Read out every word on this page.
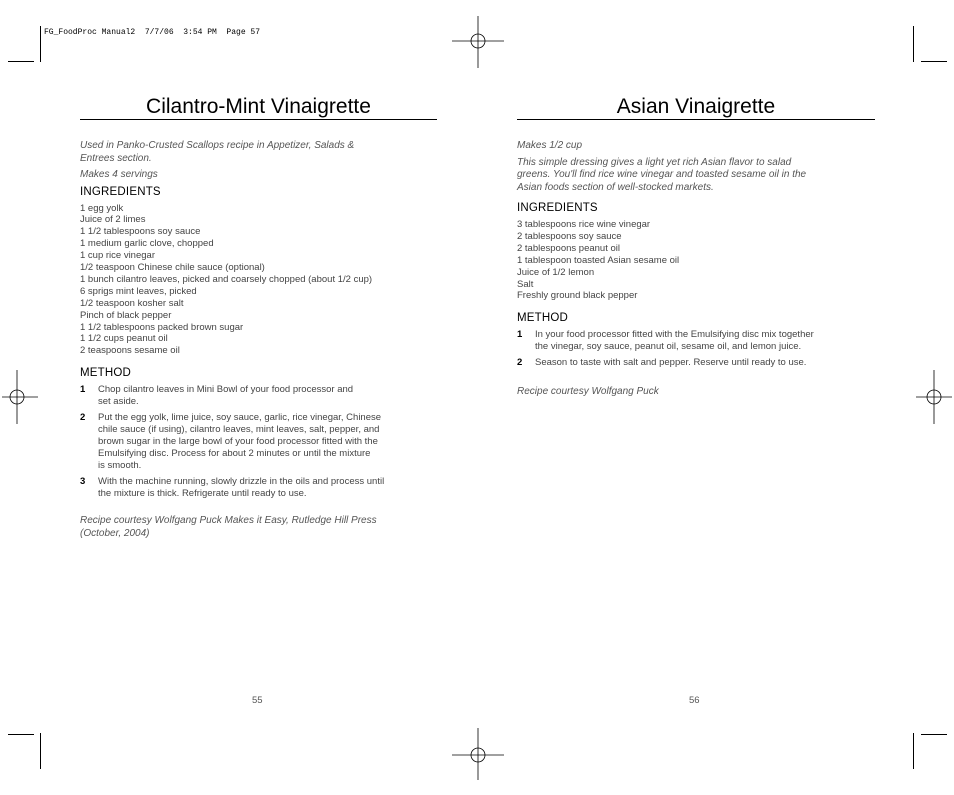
FG_FoodProc Manual2  7/7/06  3:54 PM  Page 57
Cilantro-Mint Vinaigrette

Used in Panko-Crusted Scallops recipe in Appetizer, Salads &
Entrees section.

Makes 4 servings

INGREDIENTS

1 egg yolk
Juice of 2 limes
1 1/2 tablespoons soy sauce
1 medium garlic clove, chopped
1 cup rice vinegar
1/2 teaspoon Chinese chile sauce (optional)
1 bunch cilantro leaves, picked and coarsely chopped (about 1/2 cup)
6 sprigs mint leaves, picked
1/2 teaspoon kosher salt
Pinch of black pepper
1 1/2 tablespoons packed brown sugar
1 1/2 cups peanut oil
2 teaspoons sesame oil

METHOD

1 Chop cilantro leaves in Mini Bowl of your food processor and
set aside.
2 Put the egg yolk, lime juice, soy sauce, garlic, rice vinegar, Chinese
chile sauce (if using), cilantro leaves, mint leaves, salt, pepper, and
brown sugar in the large bowl of your food processor fitted with the
Emulsifying disc. Process for about 2 minutes or until the mixture
is smooth.
3 With the machine running, slowly drizzle in the oils and process until
the mixture is thick. Refrigerate until ready to use.

Recipe courtesy Wolfgang Puck Makes it Easy, Rutledge Hill Press
(October, 2004)

55
Asian Vinaigrette

Makes 1/2 cup

This simple dressing gives a light yet rich Asian flavor to salad
greens. You'll find rice wine vinegar and toasted sesame oil in the
Asian foods section of well-stocked markets.

INGREDIENTS

3 tablespoons rice wine vinegar
2 tablespoons soy sauce
2 tablespoons peanut oil
1 tablespoon toasted Asian sesame oil
Juice of 1/2 lemon
Salt
Freshly ground black pepper

METHOD

1 In your food processor fitted with the Emulsifying disc mix together
the vinegar, soy sauce, peanut oil, sesame oil, and lemon juice.
2 Season to taste with salt and pepper. Reserve until ready to use.

Recipe courtesy Wolfgang Puck

56
